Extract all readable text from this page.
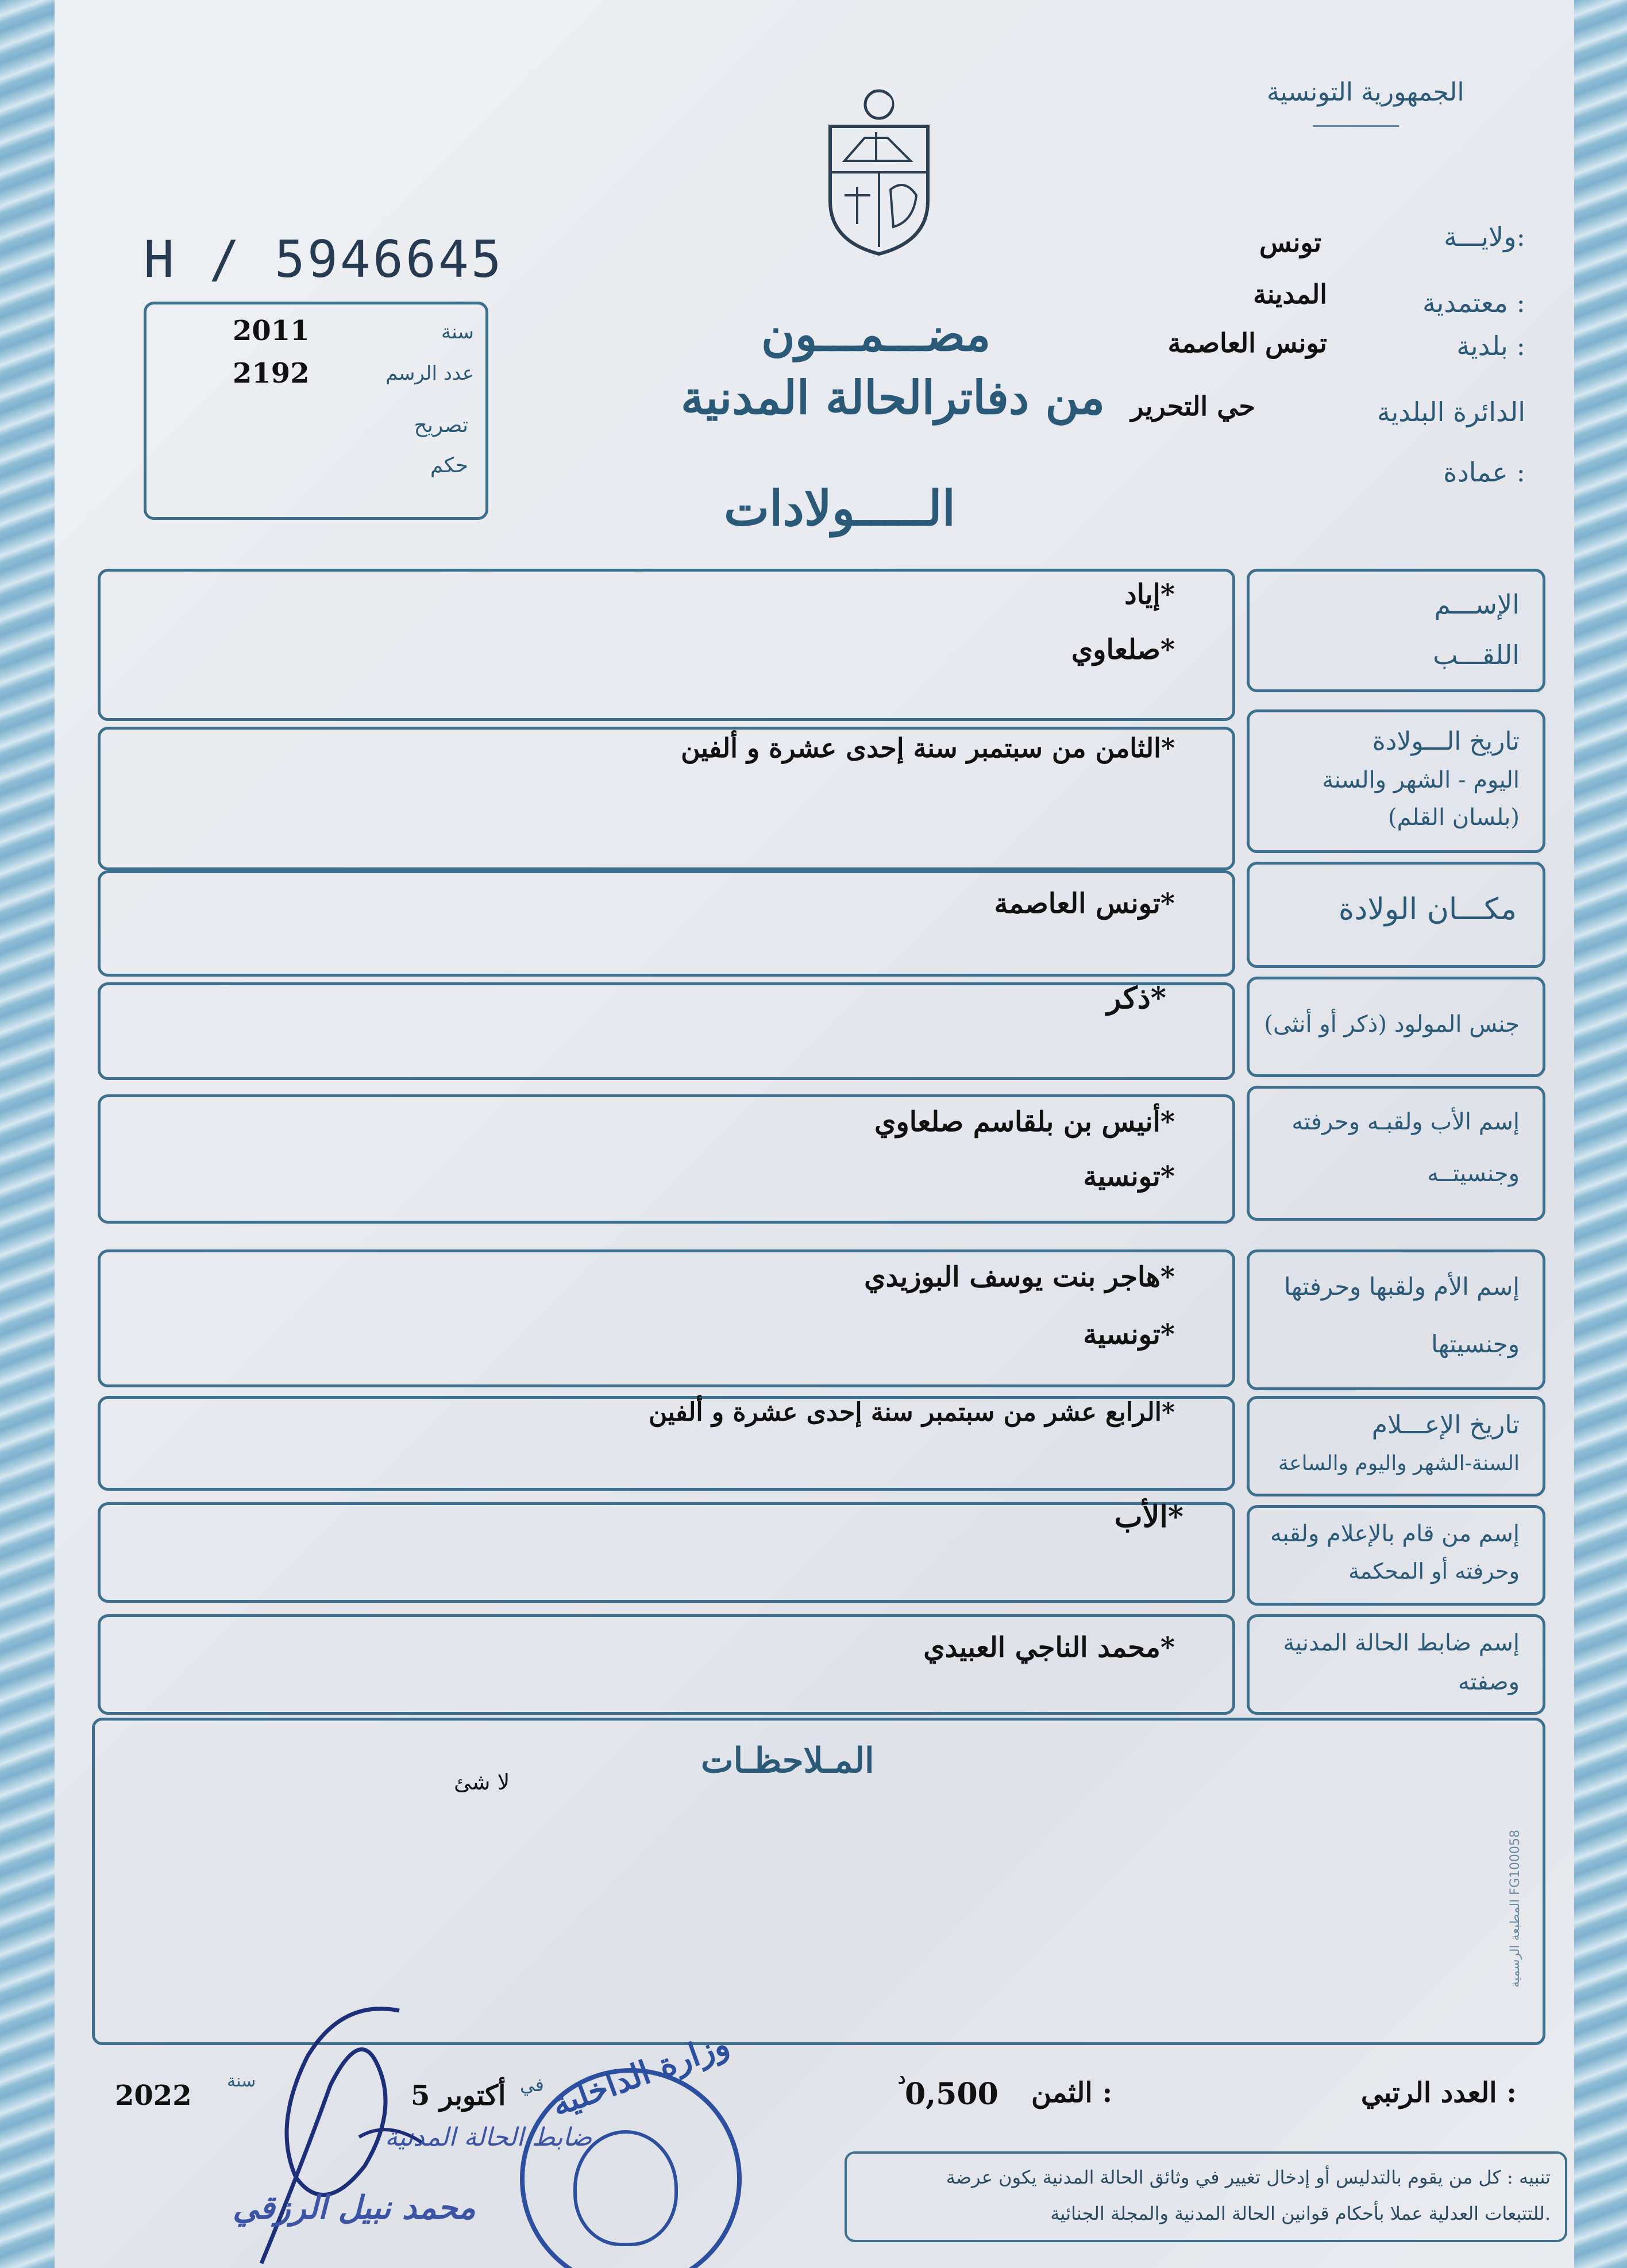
الجمهورية التونسية
H / 5946645
سنة
2011
عدد الرسم
2192
تصريح
حكم
ولايـــة:
تونس
معتمدية :
المدينة
بلدية :
تونس العاصمة
الدائرة البلدية
حي التحرير
عمادة :
مضـــمـــون
من دفاترالحالة المدنية
الـــــولادات
الإســـم
اللقـــب
إياد*
صلعاوي*
تاريخ الـــولادة
اليوم - الشهر والسنة
(بلسان القلم)
الثامن من سبتمبر سنة إحدى عشرة و ألفين*
مكـــان الولادة
تونس العاصمة*
جنس المولود (ذكر أو أنثى)
ذكر*
إسم الأب ولقبـه وحرفته
وجنسيتــه
أنيس بن بلقاسم صلعاوي*
تونسية*
إسم الأم ولقبها وحرفتها
وجنسيتها
هاجر بنت يوسف البوزيدي*
تونسية*
تاريخ الإعـــلام
السنة-الشهر واليوم والساعة
الرابع عشر من سبتمبر سنة إحدى عشرة و ألفين*
إسم من قام بالإعلام ولقبه
وحرفته أو المحكمة
الأب*
إسم ضابط الحالة المدنية
وصفته
محمد الناجي العبيدي*
المـلاحظـات
لا شئ
المطبعة الرسمية FG100058
العدد الرتبي :
الثمن :
0,500
د
في
5 أكتوبر
سنة
2022
تنبيه : كل من يقوم بالتدليس أو إدخال تغيير في وثائق الحالة المدنية يكون عرضة
للتتبعات العدلية عملا بأحكام قوانين الحالة المدنية والمجلة الجنائية.
وزارة الداخلية
ضابط الحالة المدنية
محمد نبيل الرزقي
